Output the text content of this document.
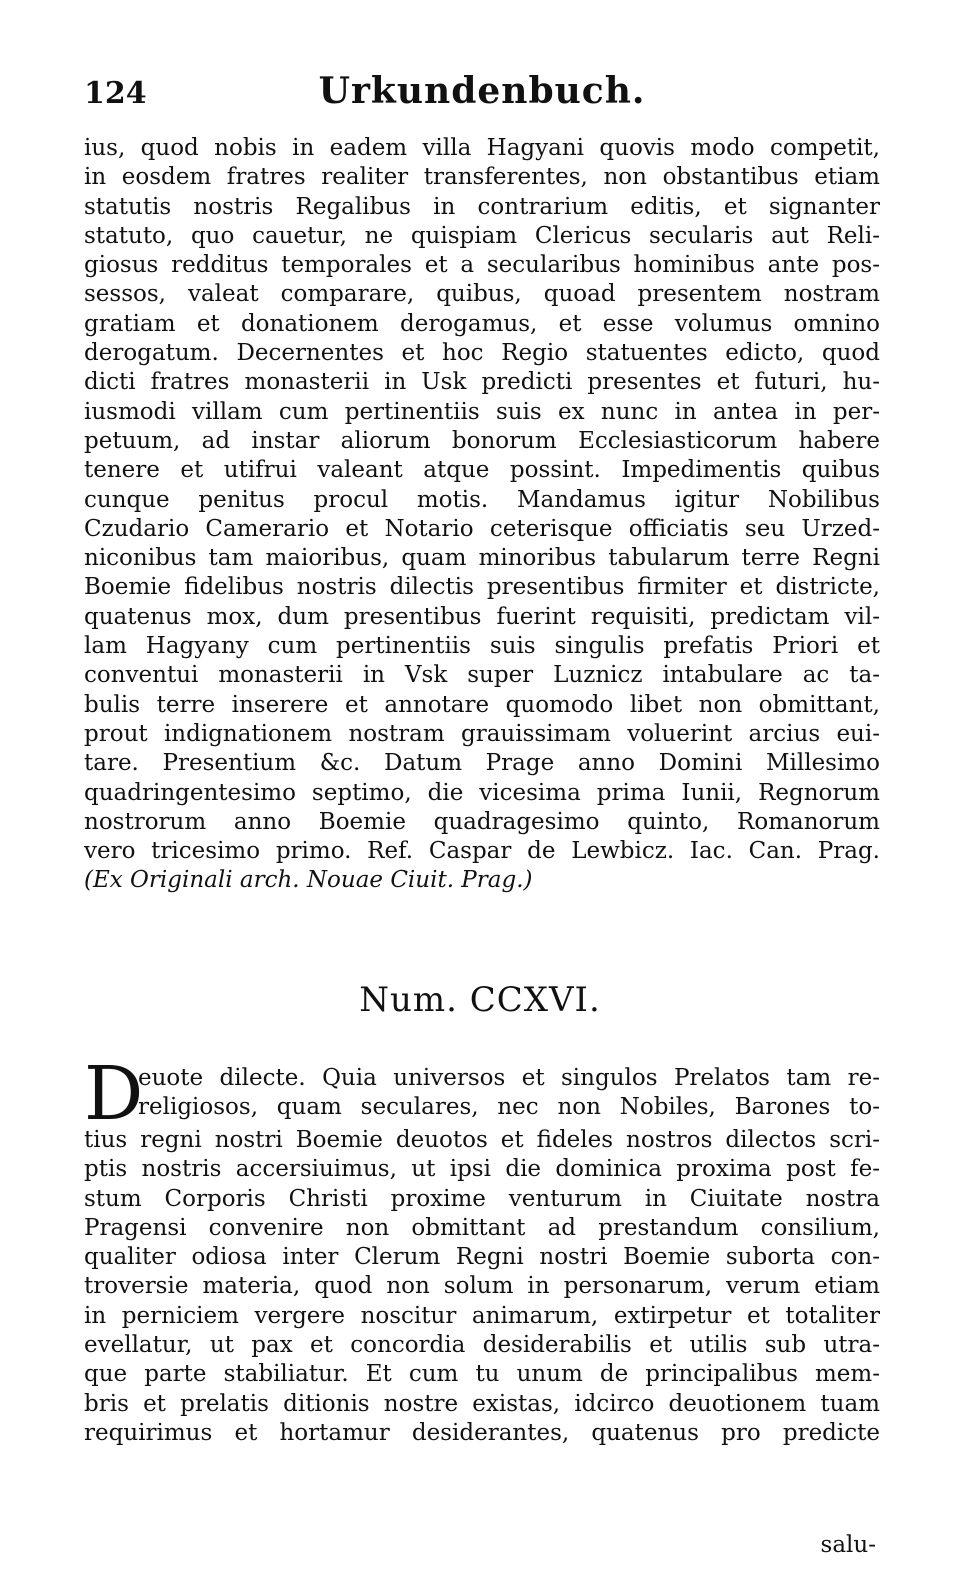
124	Urkundenbuch.
ius, quod nobis in eadem villa Hagyani quovis modo competit,
in eosdem fratres realiter transferentes, non obstantibus etiam
statutis nostris Regalibus in contrarium editis, et signanter
statuto, quo cauetur, ne quispiam Clericus secularis aut Reli-
giosus redditus temporales et a secularibus hominibus ante pos-
sessos, valeat comparare, quibus, quoad presentem nostram
gratiam et donationem derogamus, et esse volumus omnino
derogatum. Decernentes et hoc Regio statuentes edicto, quod
dicti fratres monasterii in Usk predicti presentes et futuri, hu-
iusmodi villam cum pertinentiis suis ex nunc in antea in per-
petuum, ad instar aliorum bonorum Ecclesiasticorum habere
tenere et utifrui valeant atque possint. Impedimentis quibus
cunque penitus procul motis. Mandamus igitur Nobilibus
Czudario Camerario et Notario ceterisque officiatis seu Urzed-
niconibus tam maioribus, quam minoribus tabularum terre Regni
Boemie fidelibus nostris dilectis presentibus firmiter et districte,
quatenus mox, dum presentibus fuerint requisiti, predictam vil-
lam Hagyany cum pertinentiis suis singulis prefatis Priori et
conventui monasterii in Vsk super Luznicz intabulare ac ta-
bulis terre inserere et annotare quomodo libet non obmittant,
prout indignationem nostram grauissimam voluerint arcius eui-
tare. Presentium &c. Datum Prage anno Domini Millesimo
quadringentesimo septimo, die vicesima prima Iunii, Regnorum
nostrorum anno Boemie quadragesimo quinto, Romanorum
vero tricesimo primo. Ref. Caspar de Lewbicz. Iac. Can. Prag.
(Ex Originali arch. Nouae Ciuit. Prag.)
Num. CCXVI.
D
euote dilecte. Quia universos et singulos Prelatos tam re-
religiosos, quam seculares, nec non Nobiles, Barones to-
tius regni nostri Boemie deuotos et fideles nostros dilectos scri-
ptis nostris accersiuimus, ut ipsi die dominica proxima post fe-
stum Corporis Christi proxime venturum in Ciuitate nostra
Pragensi convenire non obmittant ad prestandum consilium,
qualiter odiosa inter Clerum Regni nostri Boemie suborta con-
troversie materia, quod non solum in personarum, verum etiam
in perniciem vergere noscitur animarum, extirpetur et totaliter
evellatur, ut pax et concordia desiderabilis et utilis sub utra-
que parte stabiliatur. Et cum tu unum de principalibus mem-
bris et prelatis ditionis nostre existas, idcirco deuotionem tuam
requirimus et hortamur desiderantes, quatenus pro predicte
salu-
